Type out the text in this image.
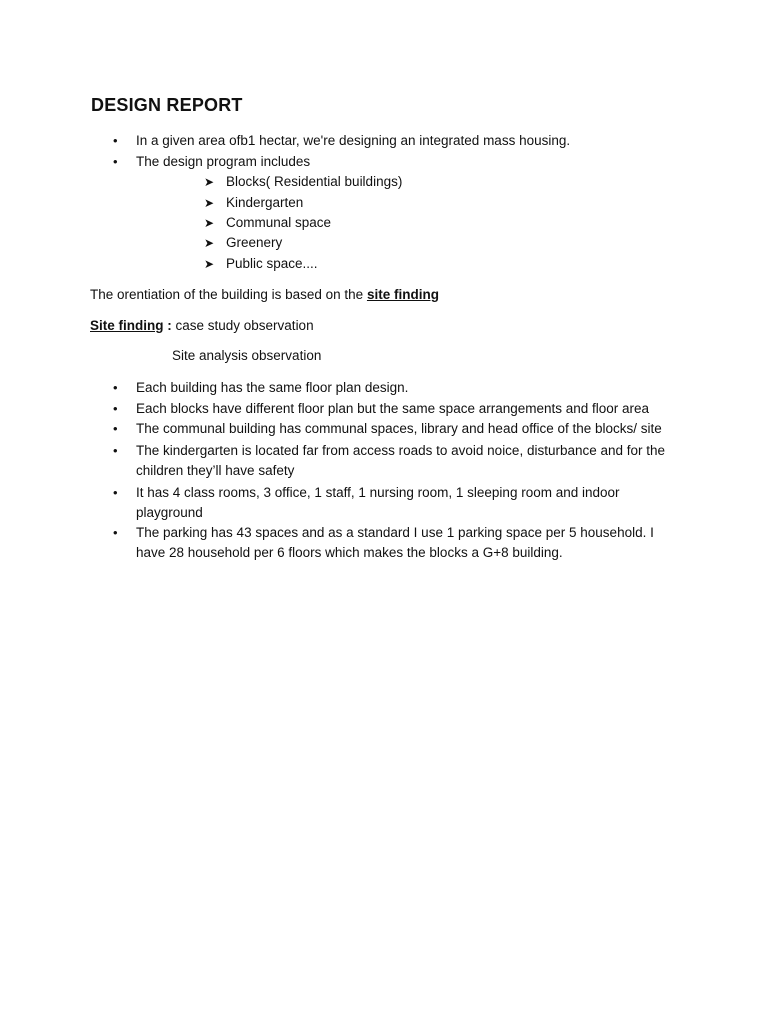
DESIGN REPORT
•	In a given area ofb1 hectar, we're designing an integrated mass housing.
•	The design program includes
➤ Blocks( Residential buildings)
➤ Kindergarten
➤ Communal space
➤ Greenery
➤ Public space....
The orentiation of the building is based on the site finding
Site finding : case study observation
Site analysis observation
•	Each building has the same floor plan design.
•	Each blocks have different floor plan but the same space arrangements and floor area
•	The communal building has communal spaces, library and head office of the blocks/ site
•	The kindergarten is located far from access roads to avoid noice, disturbance and for the children they’ll have safety
•	It has 4 class rooms, 3 office, 1 staff, 1 nursing room, 1 sleeping room and indoor playground
•	The parking has 43 spaces and as a standard I use 1 parking space per 5 household. I have 28 household per 6 floors which makes the blocks a G+8 building.
